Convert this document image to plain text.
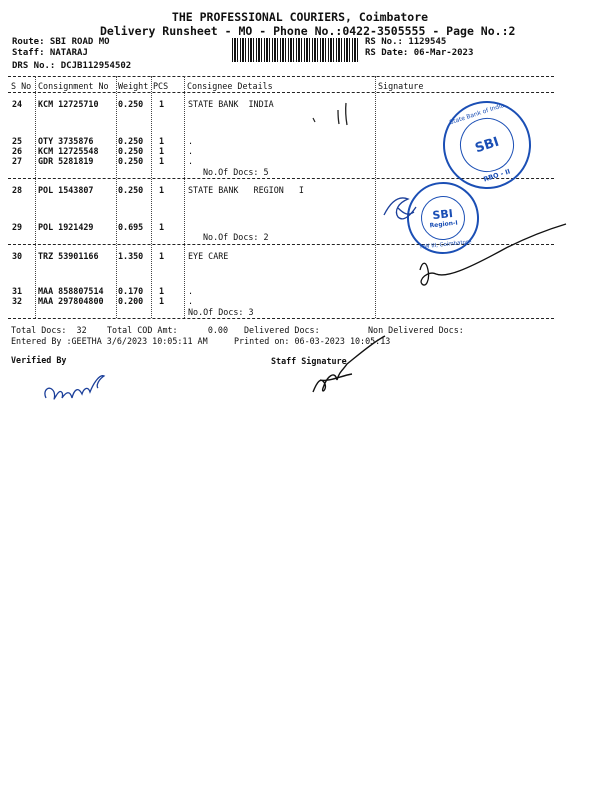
THE PROFESSIONAL COURIERS, Coimbatore
Delivery Runsheet - MO - Phone No.:0422-3505555 - Page No.:2
Route: SBI ROAD MO
Staff: NATARAJ
DRS No.: DCJB112954502
RS No.: 1129545
RS Date: 06-Mar-2023
S No Consignment No Weight PCS Consignee Details	Signature
24 KCM 12725710 0.250 1	STATE BANK  INDIA
25 OTY 3735876	0.250 1	.
26 KCM 12725548 0.250 1	.
27 GDR 5281819	0.250 1	.
No.Of Docs: 5
28 POL 1543807	0.250 1	STATE BANK   REGION   I
29 POL 1921429	0.695 1
No.Of Docs: 2
30 TRZ 53901166 1.350 1	EYE CARE
31 MAA 858807514 0.170 1	.
32 MAA 297804800 0.200 1	.
No.Of Docs: 3
Total Docs:  32 Total COD Amt:      0.00 Delivered Docs:	Non Delivered Docs:
Entered By :GEETHA 3/6/2023 10:05:11 AM	Printed on: 06-03-2023 10:05:13
Verified By	Staff Signature
SBI
State Bank of India
RBO - II
SBI
Region-I
NW III, Coimbatore
